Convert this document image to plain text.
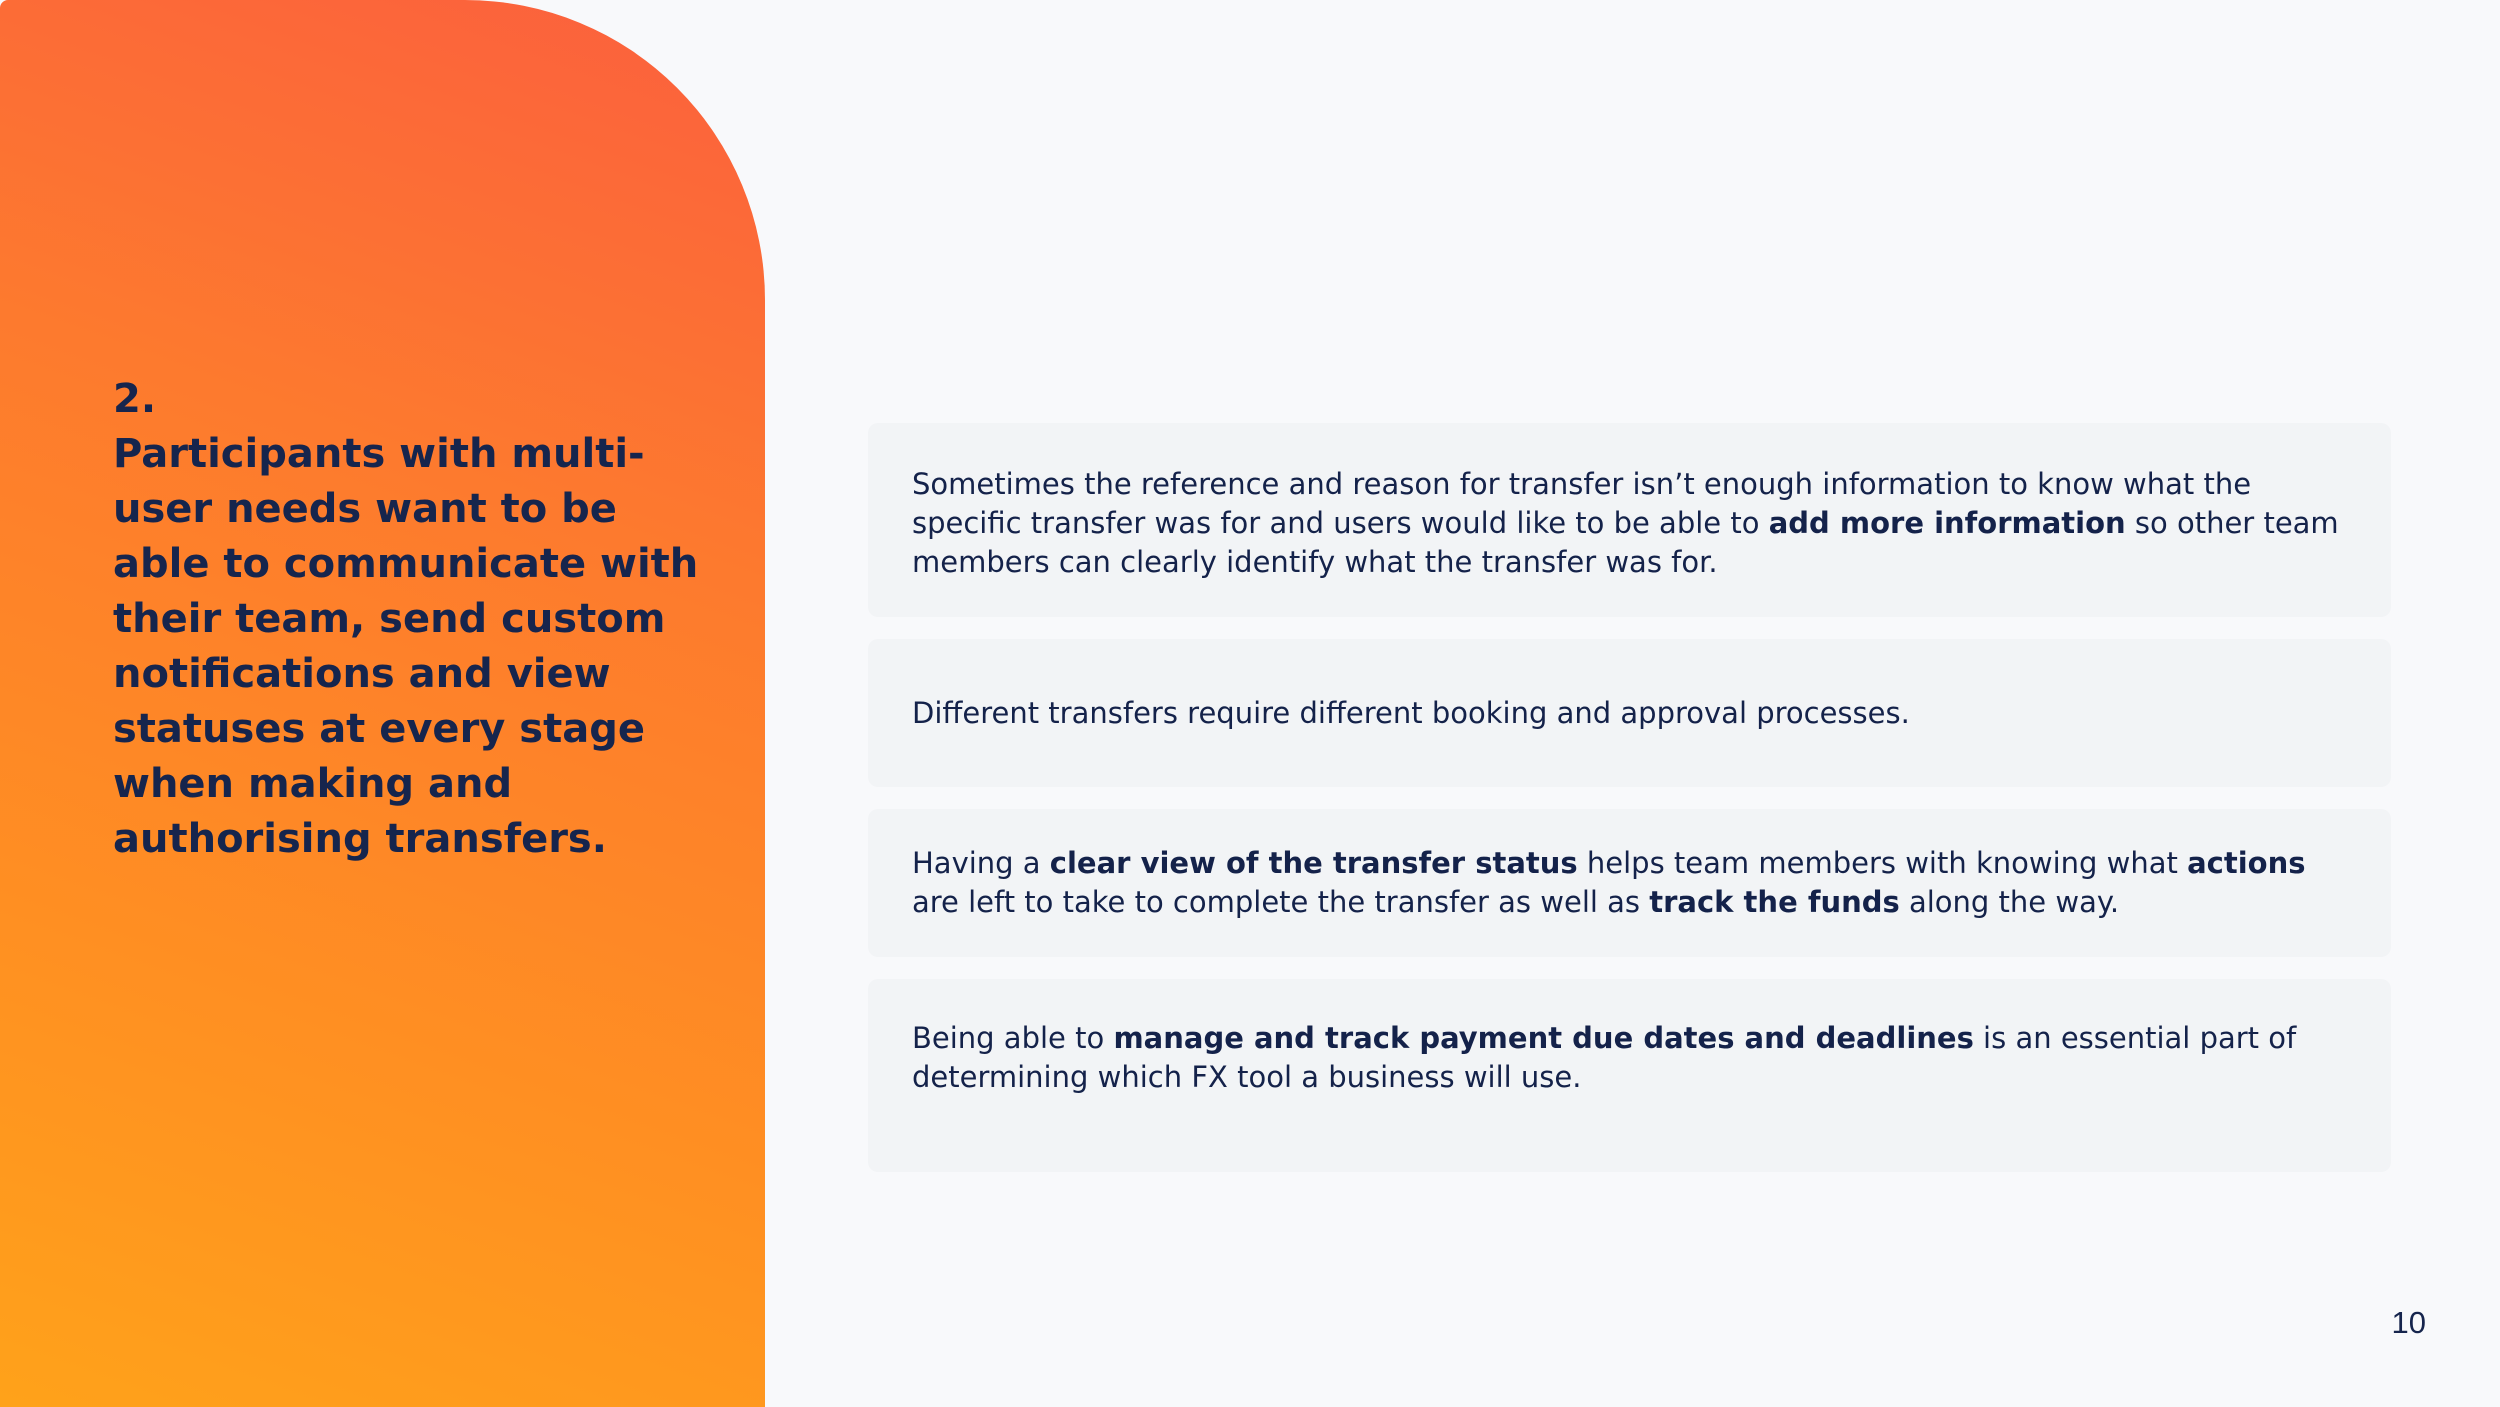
2.
Participants with multi-user needs want to be able to communicate with their team, send custom notifications and view statuses at every stage when making and authorising transfers.

Sometimes the reference and reason for transfer isn’t enough information to know what the specific transfer was for and users would like to be able to add more information so other team members can clearly identify what the transfer was for.

Different transfers require different booking and approval processes.

Having a clear view of the transfer status helps team members with knowing what actions are left to take to complete the transfer as well as track the funds along the way.

Being able to manage and track payment due dates and deadlines is an essential part of determining which FX tool a business will use.

10
